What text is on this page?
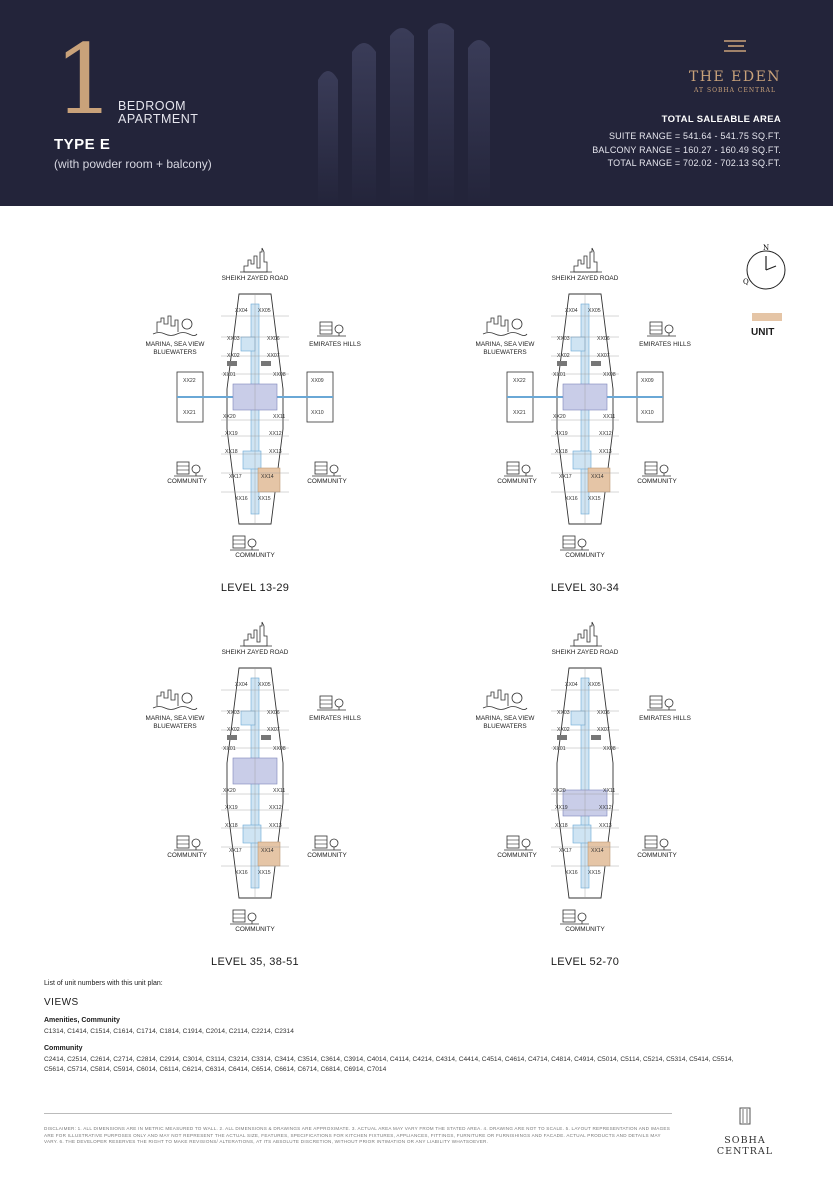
1 BEDROOM
APARTMENT
TYPE E
(with powder room + balcony)
THE EDEN
AT SOBHA CENTRAL
TOTAL SALEABLE AREA
SUITE RANGE = 541.64 - 541.75 SQ.FT.
BALCONY RANGE = 160.27 - 160.49 SQ.FT.
TOTAL RANGE = 702.02 - 702.13 SQ.FT.
N
Q
UNIT
SHEIKH ZAYED ROAD
MARINA, SEA VIEW
BLUEWATERS
EMIRATES HILLS
COMMUNITY	COMMUNITY
COMMUNITY
XX04 XX05
XX03	XX06
XX02	XX07
XX01	XX08
XX20	XX11
XX19	XX12
XX18	XX13
XX17	XX14
XX16 XX15
XX22	XX09
XX21	XX10
LEVEL 13-29
SHEIKH ZAYED ROAD
MARINA, SEA VIEW
BLUEWATERS
EMIRATES HILLS
COMMUNITY	COMMUNITY
COMMUNITY
XX04 XX05
XX03	XX06
XX02	XX07
XX01	XX08
XX20	XX11
XX19	XX12
XX18	XX13
XX17	XX14
XX16 XX15
XX22	XX09
XX21	XX10
LEVEL 30-34
SHEIKH ZAYED ROAD
MARINA, SEA VIEW
BLUEWATERS
EMIRATES HILLS
COMMUNITY	COMMUNITY
COMMUNITY
XX04 XX05
XX03	XX06
XX02	XX07
XX01	XX08
XX20	XX11
XX19	XX12
XX18	XX13
XX17	XX14
XX16 XX15
LEVEL 35, 38-51
SHEIKH ZAYED ROAD
MARINA, SEA VIEW
BLUEWATERS
EMIRATES HILLS
COMMUNITY	COMMUNITY
COMMUNITY
XX04 XX05
XX03	XX06
XX02	XX07
XX01	XX08
XX20	XX11
XX19	XX12
XX18	XX13
XX17	XX14
XX16 XX15
LEVEL 52-70
List of unit numbers with this unit plan:
VIEWS
Amenities, Community
C1314, C1414, C1514, C1614, C1714, C1814, C1914, C2014, C2114, C2214, C2314
Community
C2414, C2514, C2614, C2714, C2814, C2914, C3014, C3114, C3214, C3314, C3414, C3514, C3614, C3914, C4014, C4114, C4214, C4314, C4414, C4514, C4614, C4714, C4814, C4914, C5014, C5114, C5214, C5314, C5414, C5514, C5614, C5714, C5814, C5914, C6014, C6114, C6214, C6314, C6414, C6514, C6614, C6714, C6814, C6914, C7014
DISCLAIMER: 1. ALL DIMENSIONS ARE IN METRIC MEASURED TO WALL. 2. ALL DIMENSIONS & DRAWINGS ARE APPROXIMATE. 3. ACTUAL AREA MAY VARY FROM THE STATED AREA. 4. DRAWING ARE NOT TO SCALE. 5. LAYOUT REPRESENTATION AND IMAGES ARE FOR ILLUSTRATIVE PURPOSES ONLY AND MAY NOT REPRESENT THE ACTUAL SIZE, FEATURES, SPECIFICATIONS FOR KITCHEN FIXTURES, APPLIANCES, FITTINGS, FURNITURE OR FURNISHINGS AND FACADE. ACTUAL PRODUCTS AND DETAILS MAY VARY. 6. THE DEVELOPER RESERVES THE RIGHT TO MAKE REVISIONS/ ALTERATIONS, AT ITS ABSOLUTE DISCRETION, WITHOUT PRIOR INTIMATION OR ANY LIABILITY WHATSOEVER.	SOBHA CENTRAL
